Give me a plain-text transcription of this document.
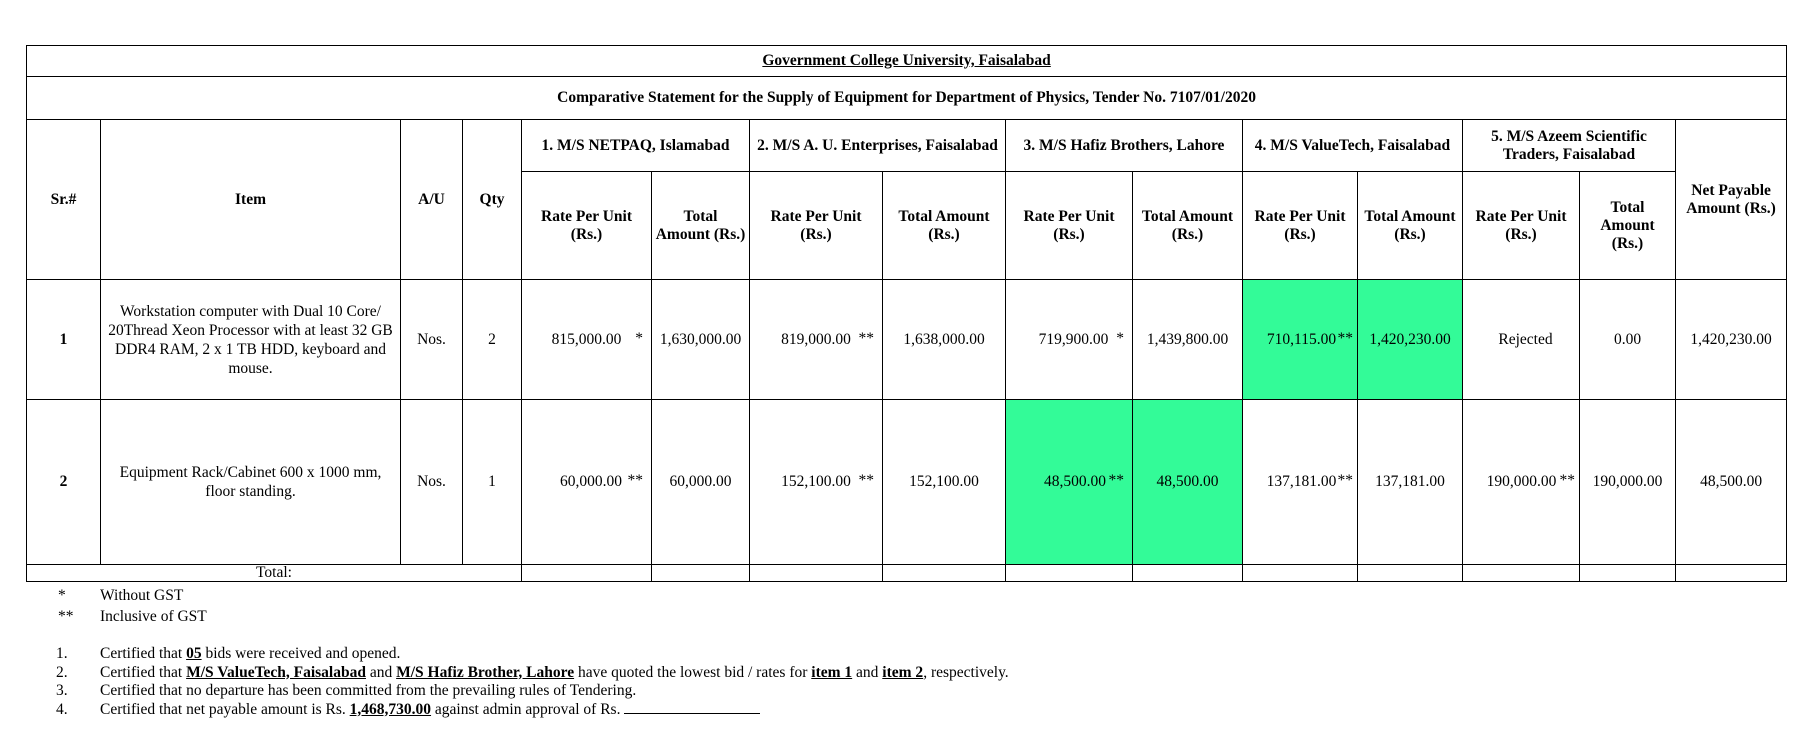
Government College University, Faisalabad														
Comparative Statement for the Supply of Equipment for Department of Physics, Tender No. 7107/01/2020														
Sr.#	Item	A/U	Qty	1. M/S NETPAQ, Islamabad		2. M/S A. U. Enterprises, Faisalabad		3. M/S Hafiz Brothers, Lahore		4. M/S ValueTech, Faisalabad		5. M/S Azeem Scientific Traders, Faisalabad		Net Payable Amount (Rs.)
				Rate Per Unit (Rs.)	Total Amount (Rs.)	Rate Per Unit (Rs.)	Total Amount (Rs.)	Rate Per Unit (Rs.)	Total Amount (Rs.)	Rate Per Unit (Rs.)	Total Amount (Rs.)	Rate Per Unit (Rs.)	Total Amount (Rs.)	
1	Workstation computer with Dual 10 Core/ 20Thread Xeon Processor with at least 32 GB DDR4 RAM, 2 x 1 TB HDD, keyboard and mouse.	Nos.	2	815,000.00 *	1,630,000.00	819,000.00 **	1,638,000.00	719,900.00 *	1,439,800.00	710,115.00 **	1,420,230.00	Rejected	0.00	1,420,230.00
2	Equipment Rack/Cabinet 600 x 1000 mm, floor standing.	Nos.	1	60,000.00 **	60,000.00	152,100.00 **	152,100.00	48,500.00 **	48,500.00	137,181.00 **	137,181.00	190,000.00 **	190,000.00	48,500.00
Total:														
*	Without GST
**	Inclusive of GST
1.	Certified that 05 bids were received and opened.
2.	Certified that M/S ValueTech, Faisalabad and M/S Hafiz Brother, Lahore have quoted the lowest bid / rates for item 1 and item 2, respectively.
3.	Certified that no departure has been committed from the prevailing rules of Tendering.
4.	Certified that net payable amount is Rs. 1,468,730.00 against admin approval of Rs.
